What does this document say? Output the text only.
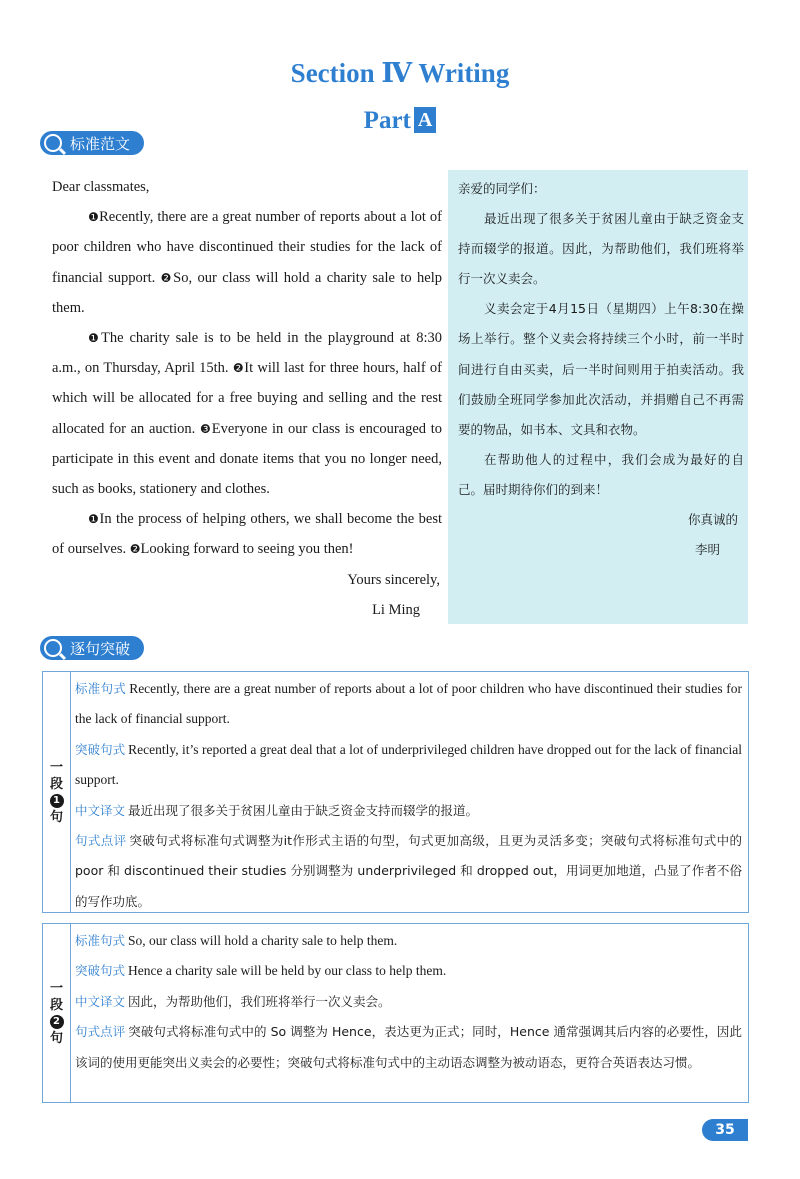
Section Ⅳ Writing
Part A
标准范文

Dear classmates,

❶Recently, there are a great number of reports about a lot of poor children who have discontinued their studies for the lack of financial support. ❷So, our class will hold a charity sale to help them.

❶The charity sale is to be held in the playground at 8:30 a.m., on Thursday, April 15th. ❷It will last for three hours, half of which will be allocated for a free buying and selling and the rest allocated for an auction. ❸Everyone in our class is encouraged to participate in this event and donate items that you no longer need, such as books, stationery and clothes.

❶In the process of helping others, we shall become the best of ourselves. ❷Looking forward to seeing you then!

Yours sincerely,

Li Ming

亲爱的同学们：

最近出现了很多关于贫困儿童由于缺乏资金支持而辍学的报道。因此，为帮助他们，我们班将举行一次义卖会。

义卖会定于4月15日（星期四）上午8:30在操场上举行。整个义卖会将持续三个小时，前一半时间进行自由买卖，后一半时间则用于拍卖活动。我们鼓励全班同学参加此次活动，并捐赠自己不再需要的物品，如书本、文具和衣物。

在帮助他人的过程中，我们会成为最好的自己。届时期待你们的到来！

你真诚的

李明

逐句突破
一
段
1
句
标准句式 Recently, there are a great number of reports about a lot of poor children who have discontinued their studies for the lack of financial support.
突破句式 Recently, it’s reported a great deal that a lot of underprivileged children have dropped out for the lack of financial support.
中文译文 最近出现了很多关于贫困儿童由于缺乏资金支持而辍学的报道。
句式点评 突破句式将标准句式调整为it作形式主语的句型，句式更加高级，且更为灵活多变；突破句式将标准句式中的 poor 和 discontinued their studies 分别调整为 underprivileged 和 dropped out，用词更加地道，凸显了作者不俗的写作功底。
一
段
2
句
标准句式 So, our class will hold a charity sale to help them.
突破句式 Hence a charity sale will be held by our class to help them.
中文译文 因此，为帮助他们，我们班将举行一次义卖会。
句式点评 突破句式将标准句式中的 So 调整为 Hence，表达更为正式；同时，Hence 通常强调其后内容的必要性，因此该词的使用更能突出义卖会的必要性；突破句式将标准句式中的主动语态调整为被动语态，更符合英语表达习惯。
35
